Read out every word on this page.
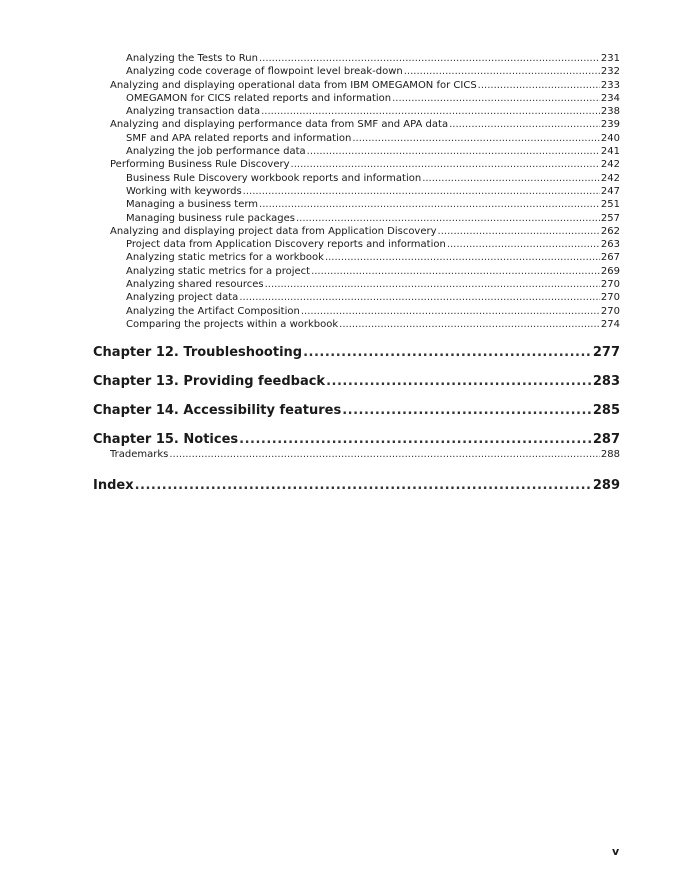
Analyzing the Tests to Run .....	231
Analyzing code coverage of flowpoint level break-down .....	232
Analyzing and displaying operational data from IBM OMEGAMON for CICS .....	233
OMEGAMON for CICS related reports and information .....	234
Analyzing transaction data .....	238
Analyzing and displaying performance data from SMF and APA data .....	239
SMF and APA related reports and information .....	240
Analyzing the job performance data .....	241
Performing Business Rule Discovery .....	242
Business Rule Discovery workbook reports and information .....	242
Working with keywords .....	247
Managing a business term .....	251
Managing business rule packages .....	257
Analyzing and displaying project data from Application Discovery .....	262
Project data from Application Discovery reports and information .....	263
Analyzing static metrics for a workbook .....	267
Analyzing static metrics for a project .....	269
Analyzing shared resources .....	270
Analyzing project data .....	270
Analyzing the Artifact Composition .....	270
Comparing the projects within a workbook .....	274
Chapter 12. Troubleshooting .....	277
Chapter 13. Providing feedback .....	283
Chapter 14. Accessibility features .....	285
Chapter 15. Notices .....	287
Trademarks .....	288
Index .....	289
v
